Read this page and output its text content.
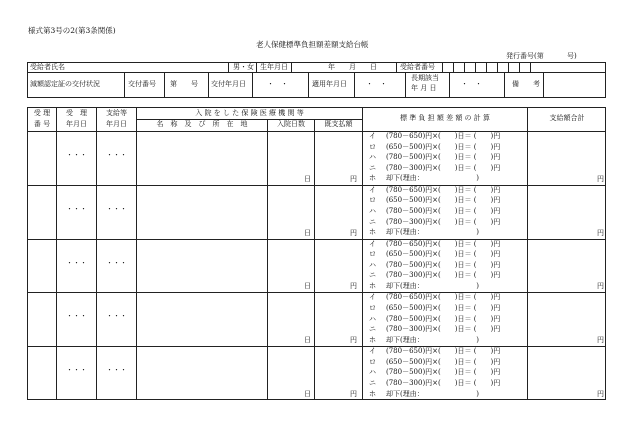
様式第3号の2(第3条関係)
老人保健標準負担額差額支給台帳
発行番号(第	号)
受給者氏名	男・女 生年月日	年　　月　　日	受給者番号
減額認定証の交付状況	交付番号 第　　号 交付年月日	・　・	適用年月日	・　・
長期該当
年 月 日	・　・	備　　考
受 理
番 号
受　理
年月日
支給等
年月日
入 院 を し た 保 険 医 療 機 関 等
名　称　及　び　所　在　地	入院日数	既支払額
標 準 負 担 額 差 額 の 計 算	支給額合計
・・・	・・・
イ (780－650)円×(　　)日＝ (　　)円
ロ (650－500)円×(　　)日＝ (　　)円
ハ (780－500)円×(　　)日＝ (　　)円
ニ (780－300)円×(　　)日＝ (　　)円
ホ 却下(理由：　　　　　　　　)
日	円	円
・・・	・・・
イ (780－650)円×(　　)日＝ (　　)円
ロ (650－500)円×(　　)日＝ (　　)円
ハ (780－500)円×(　　)日＝ (　　)円
ニ (780－300)円×(　　)日＝ (　　)円
ホ 却下(理由：　　　　　　　　)
日	円	円
・・・	・・・
イ (780－650)円×(　　)日＝ (　　)円
ロ (650－500)円×(　　)日＝ (　　)円
ハ (780－500)円×(　　)日＝ (　　)円
ニ (780－300)円×(　　)日＝ (　　)円
ホ 却下(理由：　　　　　　　　)
日	円	円
・・・	・・・
イ (780－650)円×(　　)日＝ (　　)円
ロ (650－500)円×(　　)日＝ (　　)円
ハ (780－500)円×(　　)日＝ (　　)円
ニ (780－300)円×(　　)日＝ (　　)円
ホ 却下(理由：　　　　　　　　)
日	円	円
・・・	・・・
イ (780－650)円×(　　)日＝ (　　)円
ロ (650－500)円×(　　)日＝ (　　)円
ハ (780－500)円×(　　)日＝ (　　)円
ニ (780－300)円×(　　)日＝ (　　)円
ホ 却下(理由：　　　　　　　　)
日	円	円
